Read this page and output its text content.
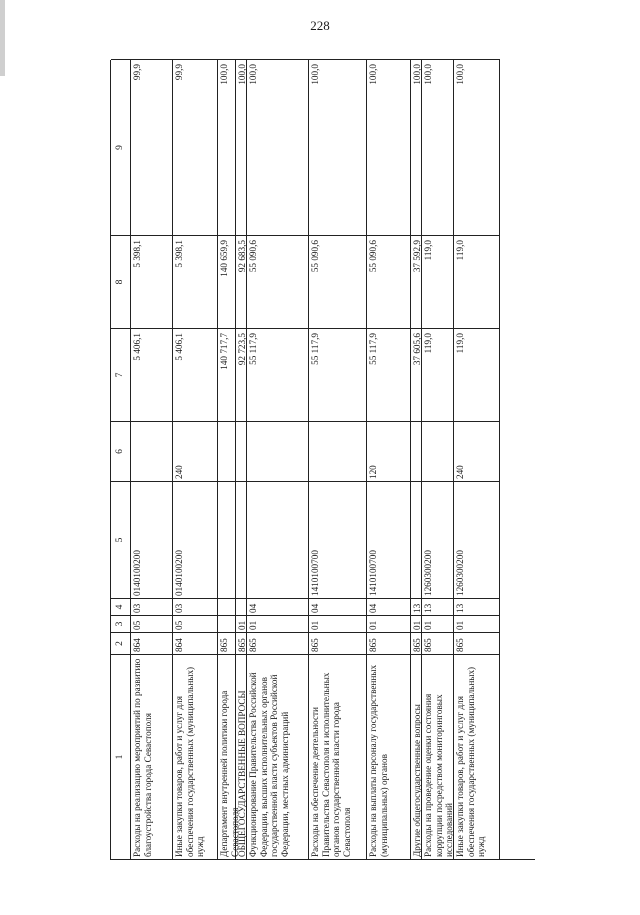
228
1
2
3
4
5
6
7
8
9
Расходы на реализацию мероприятий по развитию благоустройства города Севастополя
864
05
03
0140100200
5 406,1
5 398,1
99,9
Иные закупки товаров, работ и услуг для обеспечения государственных (муниципальных) нужд
864
05
03
0140100200
240
5 406,1
5 398,1
99,9
Департамент внутренней политики города Севастополя
865
140 717,7
140 659,9
100,0
ОБЩЕГОСУДАРСТВЕННЫЕ ВОПРОСЫ
865
01
92 723,5
92 683,5
100,0
Функционирование Правительства Российской Федерации, высших исполнительных органов государственной власти субъектов Российской Федерации, местных администраций
865
01
04
55 117,9
55 090,6
100,0
Расходы на обеспечение деятельности Правительства Севастополя и исполнительных органов государственной власти города Севастополя
865
01
04
1410100700
55 117,9
55 090,6
100,0
Расходы на выплаты персоналу государственных (муниципальных) органов
865
01
04
1410100700
120
55 117,9
55 090,6
100,0
Другие общегосударственные вопросы
865
01
13
37 605,6
37 592,9
100,0
Расходы на проведение оценки состояния коррупции посредством мониторинговых исследований
865
01
13
1260300200
119,0
119,0
100,0
Иные закупки товаров, работ и услуг для обеспечения государственных (муниципальных) нужд
865
01
13
1260300200
240
119,0
119,0
100,0
